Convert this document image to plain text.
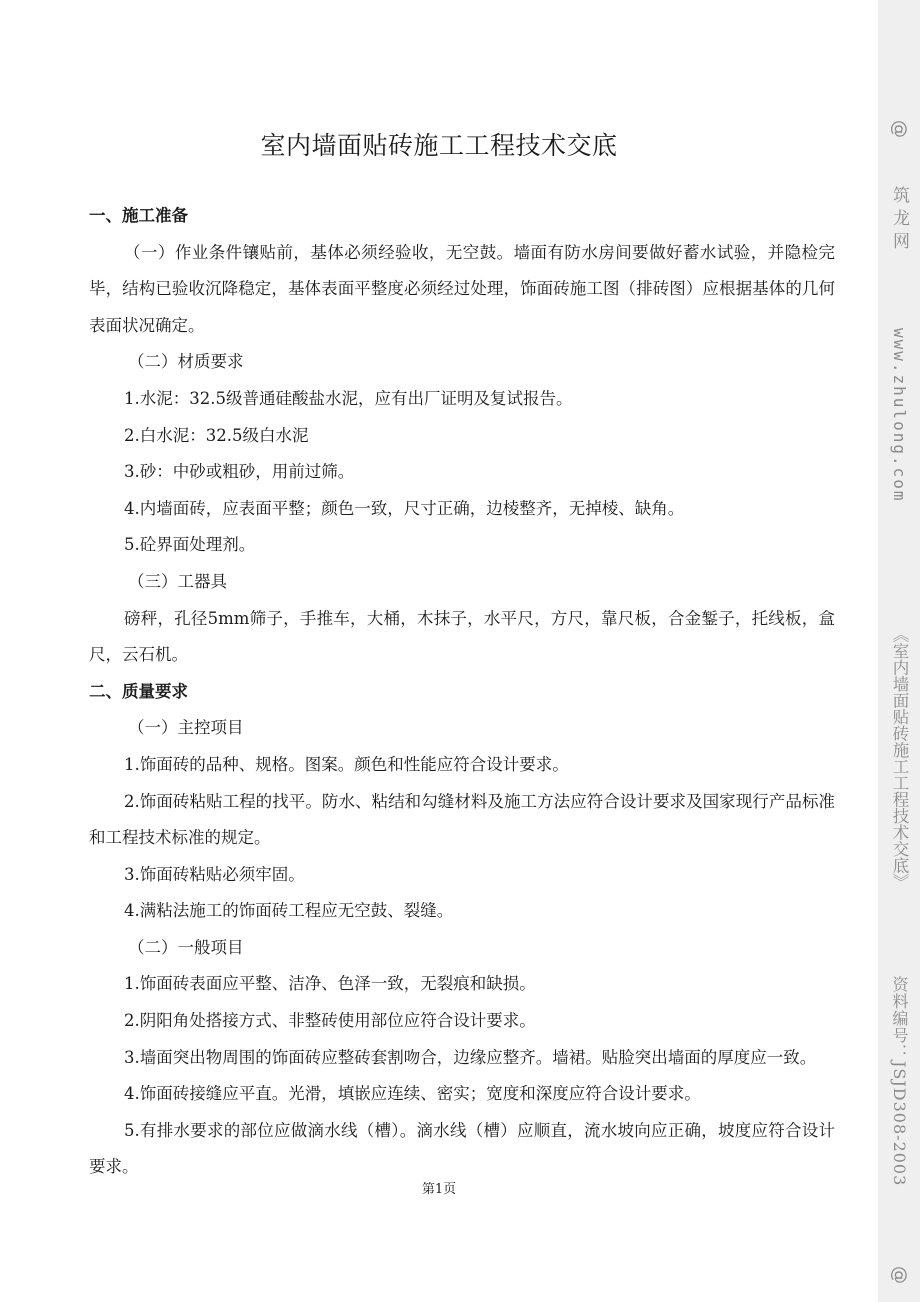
室内墙面贴砖施工工程技术交底

一、施工准备

（一）作业条件镶贴前，基体必须经验收，无空鼓。墙面有防水房间要做好蓄水试验，并隐检完毕，结构已验收沉降稳定，基体表面平整度必须经过处理，饰面砖施工图（排砖图）应根据基体的几何表面状况确定。

（二）材质要求

1.水泥：32.5级普通硅酸盐水泥，应有出厂证明及复试报告。

2.白水泥：32.5级白水泥

3.砂：中砂或粗砂，用前过筛。

4.内墙面砖，应表面平整；颜色一致，尺寸正确，边棱整齐，无掉棱、缺角。

5.砼界面处理剂。

（三）工器具

磅秤，孔径5mm筛子，手推车，大桶，木抹子，水平尺，方尺，靠尺板，合金錾子，托线板，盒尺，云石机。

二、质量要求

（一）主控项目

1.饰面砖的品种、规格。图案。颜色和性能应符合设计要求。

2.饰面砖粘贴工程的找平。防水、粘结和勾缝材料及施工方法应符合设计要求及国家现行产品标准和工程技术标准的规定。

3.饰面砖粘贴必须牢固。

4.满粘法施工的饰面砖工程应无空鼓、裂缝。

（二）一般项目

1.饰面砖表面应平整、洁净、色泽一致，无裂痕和缺损。

2.阴阳角处搭接方式、非整砖使用部位应符合设计要求。

3.墙面突出物周围的饰面砖应整砖套割吻合，边缘应整齐。墙裙。贴脸突出墙面的厚度应一致。

4.饰面砖接缝应平直。光滑，填嵌应连续、密实；宽度和深度应符合设计要求。

5.有排水要求的部位应做滴水线（槽）。滴水线（槽）应顺直，流水坡向应正确，坡度应符合设计要求。

第1页
@
筑龙网
www.zhulong.com
《室内墙面贴砖施工工程技术交底》
资料编号：JSJD308-2003
@
